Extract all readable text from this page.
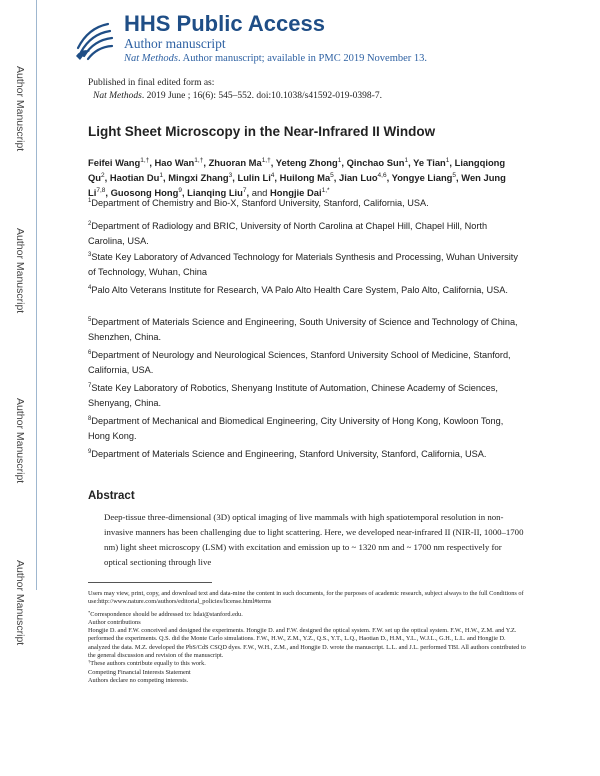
Author Manuscript
Author Manuscript
Author Manuscript
Author Manuscript
HHS Public Access
Author manuscript
Nat Methods. Author manuscript; available in PMC 2019 November 13.
Published in final edited form as:
Nat Methods. 2019 June ; 16(6): 545–552. doi:10.1038/s41592-019-0398-7.
Light Sheet Microscopy in the Near-Infrared II Window
Feifei Wang$^{1,\dagger}$, Hao Wan$^{1,\dagger}$, Zhuoran $Ma^{1,\dagger}$, Yeteng Zhong$^1$, Qinchao Sun$^1$, Ye Tian$^1$, Liangqiong Qu$^2$, Haotian Du$^1$, Mingxi Zhang$^3$, Lulin Li$^4$, Huilong Ma$^5$, Jian Luo$^{4,6}$, Yongye Liang$^5$, Wen Jung Li$^{7,8}$, Guosong Hong$^9$, Lianqing Liu$^7$, and Hongjie Dai$^{1,*}$
$^1$Department of Chemistry and Bio-X, Stanford University, Stanford, California, USA.
$^2$Department of Radiology and BRIC, University of North Carolina at Chapel Hill, Chapel Hill, North Carolina, USA.
$^3$State Key Laboratory of Advanced Technology for Materials Synthesis and Processing, Wuhan University of Technology, Wuhan, China
$^4$Palo Alto Veterans Institute for Research, VA Palo Alto Health Care System, Palo Alto, California, USA.
$^5$Department of Materials Science and Engineering, South University of Science and Technology of China, Shenzhen, China.
$^6$Department of Neurology and Neurological Sciences, Stanford University School of Medicine, Stanford, California, USA.
$^7$State Key Laboratory of Robotics, Shenyang Institute of Automation, Chinese Academy of Sciences, Shenyang, China.
$^8$Department of Mechanical and Biomedical Engineering, City University of Hong Kong, Kowloon Tong, Hong Kong.
$^9$Department of Materials Science and Engineering, Stanford University, Stanford, California, USA.
Abstract
Deep-tissue three-dimensional (3D) optical imaging of live mammals with high spatiotemporal resolution in non-invasive manners has been challenging due to light scattering. Here, we developed near-infrared II (NIR-II, 1000–1700 nm) light sheet microscopy (LSM) with excitation and emission up to ~ 1320 nm and ~ 1700 nm respectively for optical sectioning through live

Users may view, print, copy, and download text and data-mine the content in such documents, for the purposes of academic research, subject always to the full Conditions of use:http://www.nature.com/authors/editorial_policies/license.html#terms

*Correspondence should be addressed to: hdai@stanford.edu.

Author contributions

Hongjie D. and F.W. conceived and designed the experiments. Hongjie D. and F.W. designed the optical system. F.W. set up the optical system. F.W., H.W., Z.M. and Y.Z. performed the experiments. Q.S. did the Monte Carlo simulations. F.W., H.W., Z.M., Y.Z., Q.S., Y.T., L.Q., Haotian D., H.M., Y.L., W.J.L., G.H., L.L. and Hongjie D. analyzed the data. M.Z. developed the PbS/CdS CSQD dyes. F.W., W.H., Z.M., and Hongjie D. wrote the manuscript. L.L. and J.L. performed TBI. All authors contributed to the general discussion and revision of the manuscript.

†These authors contribute equally to this work.

Competing Financial Interests Statement

Authors declare no competing interests.
